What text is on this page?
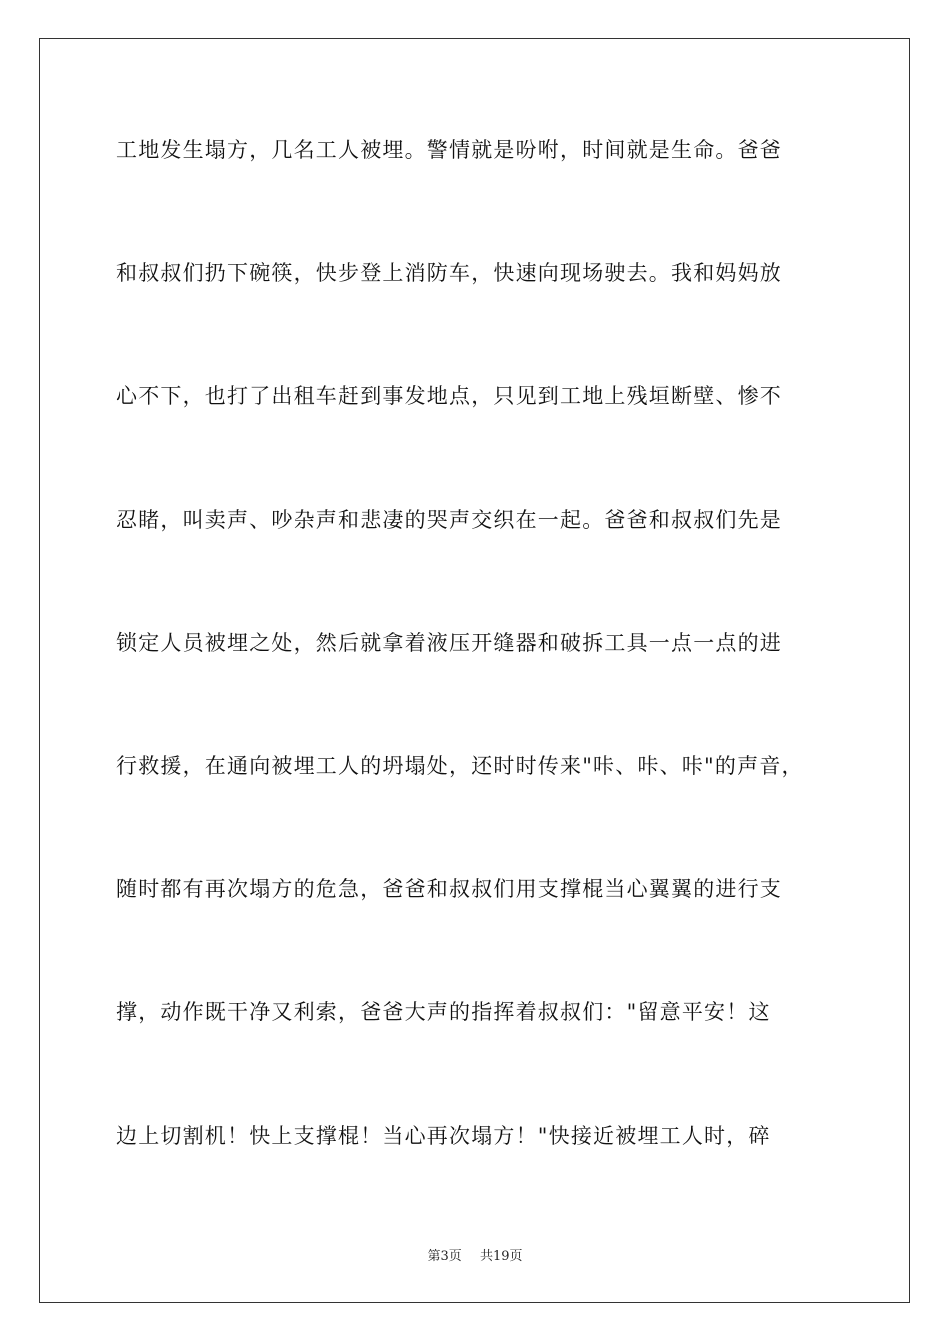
工地发生塌方，几名工人被埋。警情就是吩咐，时间就是生命。爸爸
和叔叔们扔下碗筷，快步登上消防车，快速向现场驶去。我和妈妈放
心不下，也打了出租车赶到事发地点，只见到工地上残垣断壁、惨不
忍睹，叫卖声、吵杂声和悲凄的哭声交织在一起。爸爸和叔叔们先是
锁定人员被埋之处，然后就拿着液压开缝器和破拆工具一点一点的进
行救援，在通向被埋工人的坍塌处，还时时传来"咔、咔、咔"的声音，
随时都有再次塌方的危急，爸爸和叔叔们用支撑棍当心翼翼的进行支
撑，动作既干净又利索，爸爸大声的指挥着叔叔们："留意平安！这
边上切割机！快上支撑棍！当心再次塌方！"快接近被埋工人时，碎
第3页 共19页
